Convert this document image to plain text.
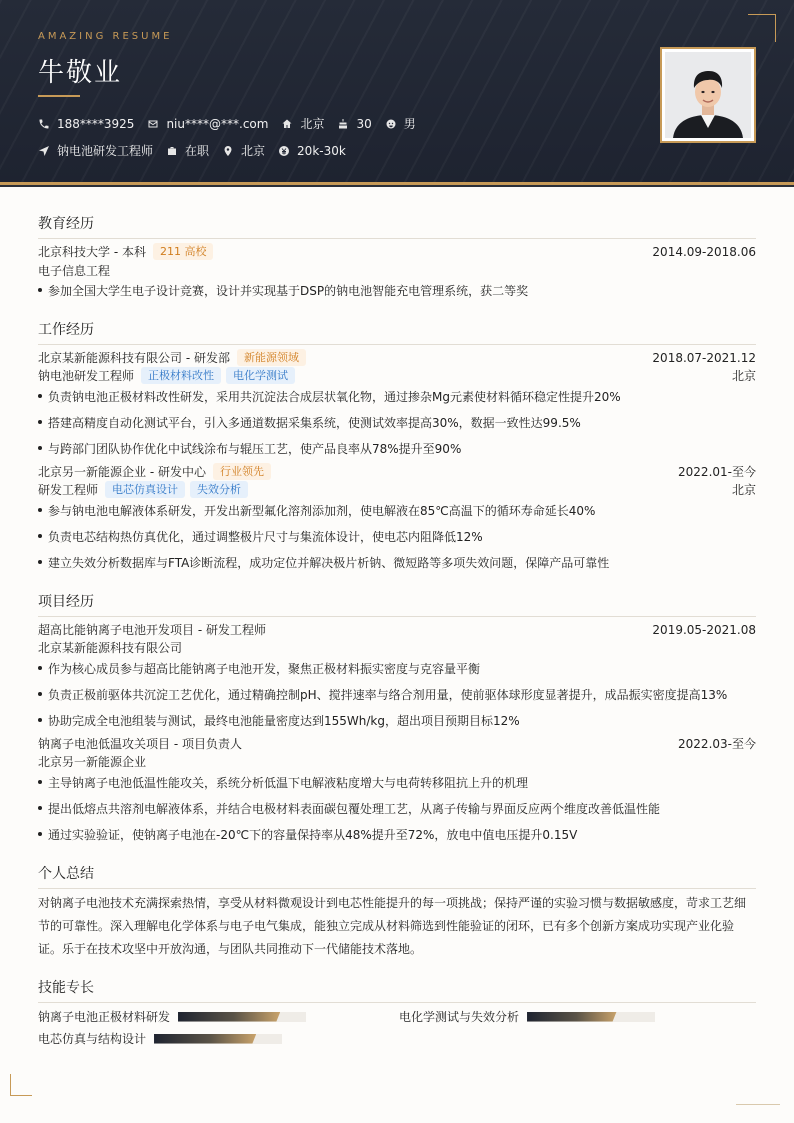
AMAZING RESUME
牛敬业
188****3925	niu****@***.com	北京	30	男
钠电池研发工程师	在职	北京	20k-30k
教育经历
北京科技大学 - 本科	211 高校	2014.09-2018.06
电子信息工程
参加全国大学生电子设计竞赛，设计并实现基于DSP的钠电池智能充电管理系统，获二等奖
工作经历
北京某新能源科技有限公司 - 研发部	新能源领域	2018.07-2021.12
钠电池研发工程师	正极材料改性	电化学测试	北京
负责钠电池正极材料改性研发，采用共沉淀法合成层状氧化物，通过掺杂Mg元素使材料循环稳定性提升20%
搭建高精度自动化测试平台，引入多通道数据采集系统，使测试效率提高30%，数据一致性达99.5%
与跨部门团队协作优化中试线涂布与辊压工艺，使产品良率从78%提升至90%
北京另一新能源企业 - 研发中心	行业领先	2022.01-至今
研发工程师	电芯仿真设计	失效分析	北京
参与钠电池电解液体系研发，开发出新型氟化溶剂添加剂，使电解液在85℃高温下的循环寿命延长40%
负责电芯结构热仿真优化，通过调整极片尺寸与集流体设计，使电芯内阻降低12%
建立失效分析数据库与FTA诊断流程，成功定位并解决极片析钠、微短路等多项失效问题，保障产品可靠性
项目经历
超高比能钠离子电池开发项目 - 研发工程师	2019.05-2021.08
北京某新能源科技有限公司
作为核心成员参与超高比能钠离子电池开发，聚焦正极材料振实密度与克容量平衡
负责正极前驱体共沉淀工艺优化，通过精确控制pH、搅拌速率与络合剂用量，使前驱体球形度显著提升，成品振实密度提高13%
协助完成全电池组装与测试，最终电池能量密度达到155Wh/kg，超出项目预期目标12%
钠离子电池低温攻关项目 - 项目负责人	2022.03-至今
北京另一新能源企业
主导钠离子电池低温性能攻关，系统分析低温下电解液粘度增大与电荷转移阻抗上升的机理
提出低熔点共溶剂电解液体系，并结合电极材料表面碳包覆处理工艺，从离子传输与界面反应两个维度改善低温性能
通过实验验证，使钠离子电池在-20℃下的容量保持率从48%提升至72%，放电中值电压提升0.15V
个人总结
对钠离子电池技术充满探索热情，享受从材料微观设计到电芯性能提升的每一项挑战；保持严谨的实验习惯与数据敏感度，苛求工艺细节的可靠性。深入理解电化学体系与电子电气集成，能独立完成从材料筛选到性能验证的闭环，已有多个创新方案成功实现产业化验证。乐于在技术攻坚中开放沟通，与团队共同推动下一代储能技术落地。
技能专长
钠离子电池正极材料研发	电化学测试与失效分析
电芯仿真与结构设计
